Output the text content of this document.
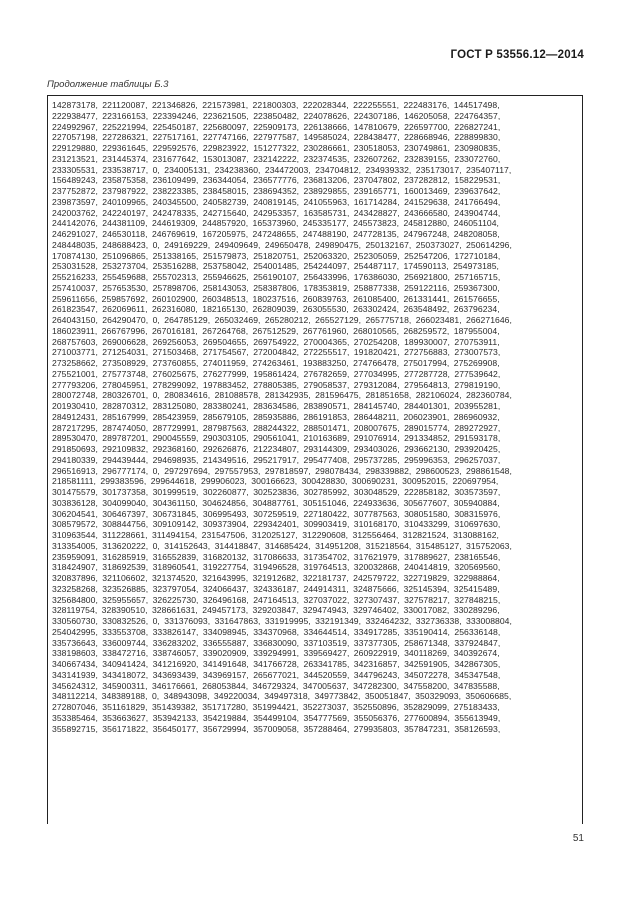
ГОСТ Р 53556.12—2014
Продолжение таблицы Б.3
142873178, 221120087, 221346826, 221573981, 221800303, 222028344, 222255551, 222483176, 144517498,
222938477, 223166153, 223394246, 223621505, 223850482, 224078626, 224307186, 146205058, 224764357,
224992967, 225221994, 225450187, 225680097, 225909173, 226138666, 147810679, 226597700, 226827241,
227057198, 227286321, 227517161, 227747166, 227977587, 149585024, 228438477, 228668946, 228899830,
229129880, 229361645, 229592576, 229823922, 151277322, 230286661, 230518053, 230749861, 230980835,
231213521, 231445374, 231677642, 153013087, 232142222, 232374535, 232607262, 232839155, 233072760,
233305531, 233538717, 0, 234005131, 234238360, 234472003, 234704812, 234939332, 235173017, 235407117,
156489243, 235875358, 236109499, 236344054, 236577776, 236813206, 237047802, 237282812, 158229531,
237752872, 237987922, 238223385, 238458015, 238694352, 238929855, 239165771, 160013469, 239637642,
239873597, 240109965, 240345500, 240582739, 240819145, 241055963, 161714284, 241529638, 241766494,
242003762, 242240197, 242478335, 242715640, 242953357, 163585731, 243428827, 243666580, 243904744,
244142076, 244381109, 244619309, 244857920, 165373960, 245335177, 245573823, 245812880, 246051104,
246291027, 246530118, 246769619, 167205975, 247248655, 247488190, 247728135, 247967248, 248208058,
248448035, 248688423, 0, 249169229, 249409649, 249650478, 249890475, 250132167, 250373027, 250614296,
170874130, 251096865, 251338165, 251579873, 251820751, 252063320, 252305059, 252547206, 172710184,
253031528, 253273704, 253516288, 253758042, 254001485, 254244097, 254487117, 174590113, 254973185,
255216233, 255459688, 255702313, 255946625, 256190107, 256433996, 176386030, 256921800, 257165715,
257410037, 257653530, 257898706, 258143053, 258387806, 178353819, 258877338, 259122116, 259367300,
259611656, 259857692, 260102900, 260348513, 180237516, 260839763, 261085400, 261331441, 261576655,
261823547, 262069611, 262316080, 182165130, 262809039, 263055530, 263302424, 263548492, 263796234,
264043150, 264290470, 0, 264785129, 265032469, 265280212, 265527129, 265775718, 266023481, 266271646,
186023911, 266767996, 267016181, 267264768, 267512529, 267761960, 268010565, 268259572, 187955004,
268757603, 269006628, 269256053, 269504655, 269754922, 270004365, 270254208, 189930007, 270753911,
271003771, 271254031, 271503468, 271754567, 272004842, 272255517, 191820421, 272756883, 273007573,
273258662, 273508929, 273760855, 274011959, 274263461, 193883250, 274766478, 275017994, 275269908,
275521001, 275773748, 276025675, 276277999, 195861424, 276782659, 277034995, 277287728, 277539642,
277793206, 278045951, 278299092, 197883452, 278805385, 279058537, 279312084, 279564813, 279819190,
280072748, 280326701, 0, 280834616, 281088578, 281342935, 281596475, 281851658, 282106024, 282360784,
201930410, 282870312, 283125080, 283380241, 283634586, 283890571, 284145740, 284401301, 203955281,
284912431, 285167999, 285423959, 285679105, 285935886, 286191853, 286448211, 206023901, 286960932,
287217295, 287474050, 287729991, 287987563, 288244322, 288501471, 208007675, 289015774, 289272927,
289530470, 289787201, 290045559, 290303105, 290561041, 210163689, 291076914, 291334852, 291593178,
291850693, 292109832, 292368160, 292626876, 212234807, 293144309, 293403026, 293662130, 293920425,
294180339, 294439444, 294698935, 214349516, 295217917, 295477408, 295737285, 295996353, 296257037,
296516913, 296777174, 0, 297297694, 297557953, 297818597, 298078434, 298339882, 298600523, 298861548,
218581111, 299383596, 299644618, 299906023, 300166623, 300428830, 300690231, 300952015, 220697954,
301475579, 301737358, 301999519, 302260877, 302523836, 302785992, 303048529, 222858182, 303573597,
303836128, 304099040, 304361150, 304624856, 304887761, 305151046, 224933636, 305677607, 305940884,
306204541, 306467397, 306731845, 306995493, 307259519, 227180422, 307787563, 308051580, 308315976,
308579572, 308844756, 309109142, 309373904, 229342401, 309903419, 310168170, 310433299, 310697630,
310963544, 311228661, 311494154, 231547506, 312025127, 312290608, 312556464, 312821524, 313088162,
313354005, 313620222, 0, 314152643, 314418847, 314685424, 314951208, 315218564, 315485127, 315752063,
235959091, 316285919, 316552839, 316820132, 317086633, 317354702, 317621979, 317889627, 238165546,
318424907, 318692539, 318960541, 319227754, 319496528, 319764513, 320032868, 240414819, 320569560,
320837896, 321106602, 321374520, 321643995, 321912682, 322181737, 242579722, 322719829, 322988864,
323258268, 323526885, 323797054, 324066437, 324336187, 244914311, 324875666, 325145394, 325415489,
325684800, 325955657, 326225730, 326496168, 247164513, 327037022, 327307437, 327578217, 327848215,
328119754, 328390510, 328661631, 249457173, 329203847, 329474943, 329746402, 330017082, 330289296,
330560730, 330832526, 0, 331376093, 331647863, 331919995, 332191349, 332464232, 332736338, 333008804,
254042995, 333553708, 333826147, 334098945, 334370968, 334644514, 334917285, 335190414, 256336148,
335736643, 336009744, 336283202, 336555887, 336830090, 337103519, 337377305, 258671348, 337924847,
338198603, 338472716, 338746057, 339020909, 339294991, 339569427, 260922919, 340118269, 340392674,
340667434, 340941424, 341216920, 341491648, 341766728, 263341785, 342316857, 342591905, 342867305,
343141939, 343418072, 343693439, 343969157, 265677021, 344520559, 344796243, 345072278, 345347548,
345624312, 345900311, 346176661, 268053844, 346729324, 347005637, 347282300, 347558200, 347835588,
348112214, 348389188, 0, 348943098, 349220034, 349497318, 349773842, 350051847, 350329093, 350606685,
272807046, 351161829, 351439382, 351717280, 351994421, 352273037, 352550896, 352829099, 275183433,
353385464, 353663627, 353942133, 354219884, 354499104, 354777569, 355056376, 277600894, 355613949,
355892715, 356171822, 356450177, 356729994, 357009058, 357288464, 279935803, 357847231, 358126593,
51
